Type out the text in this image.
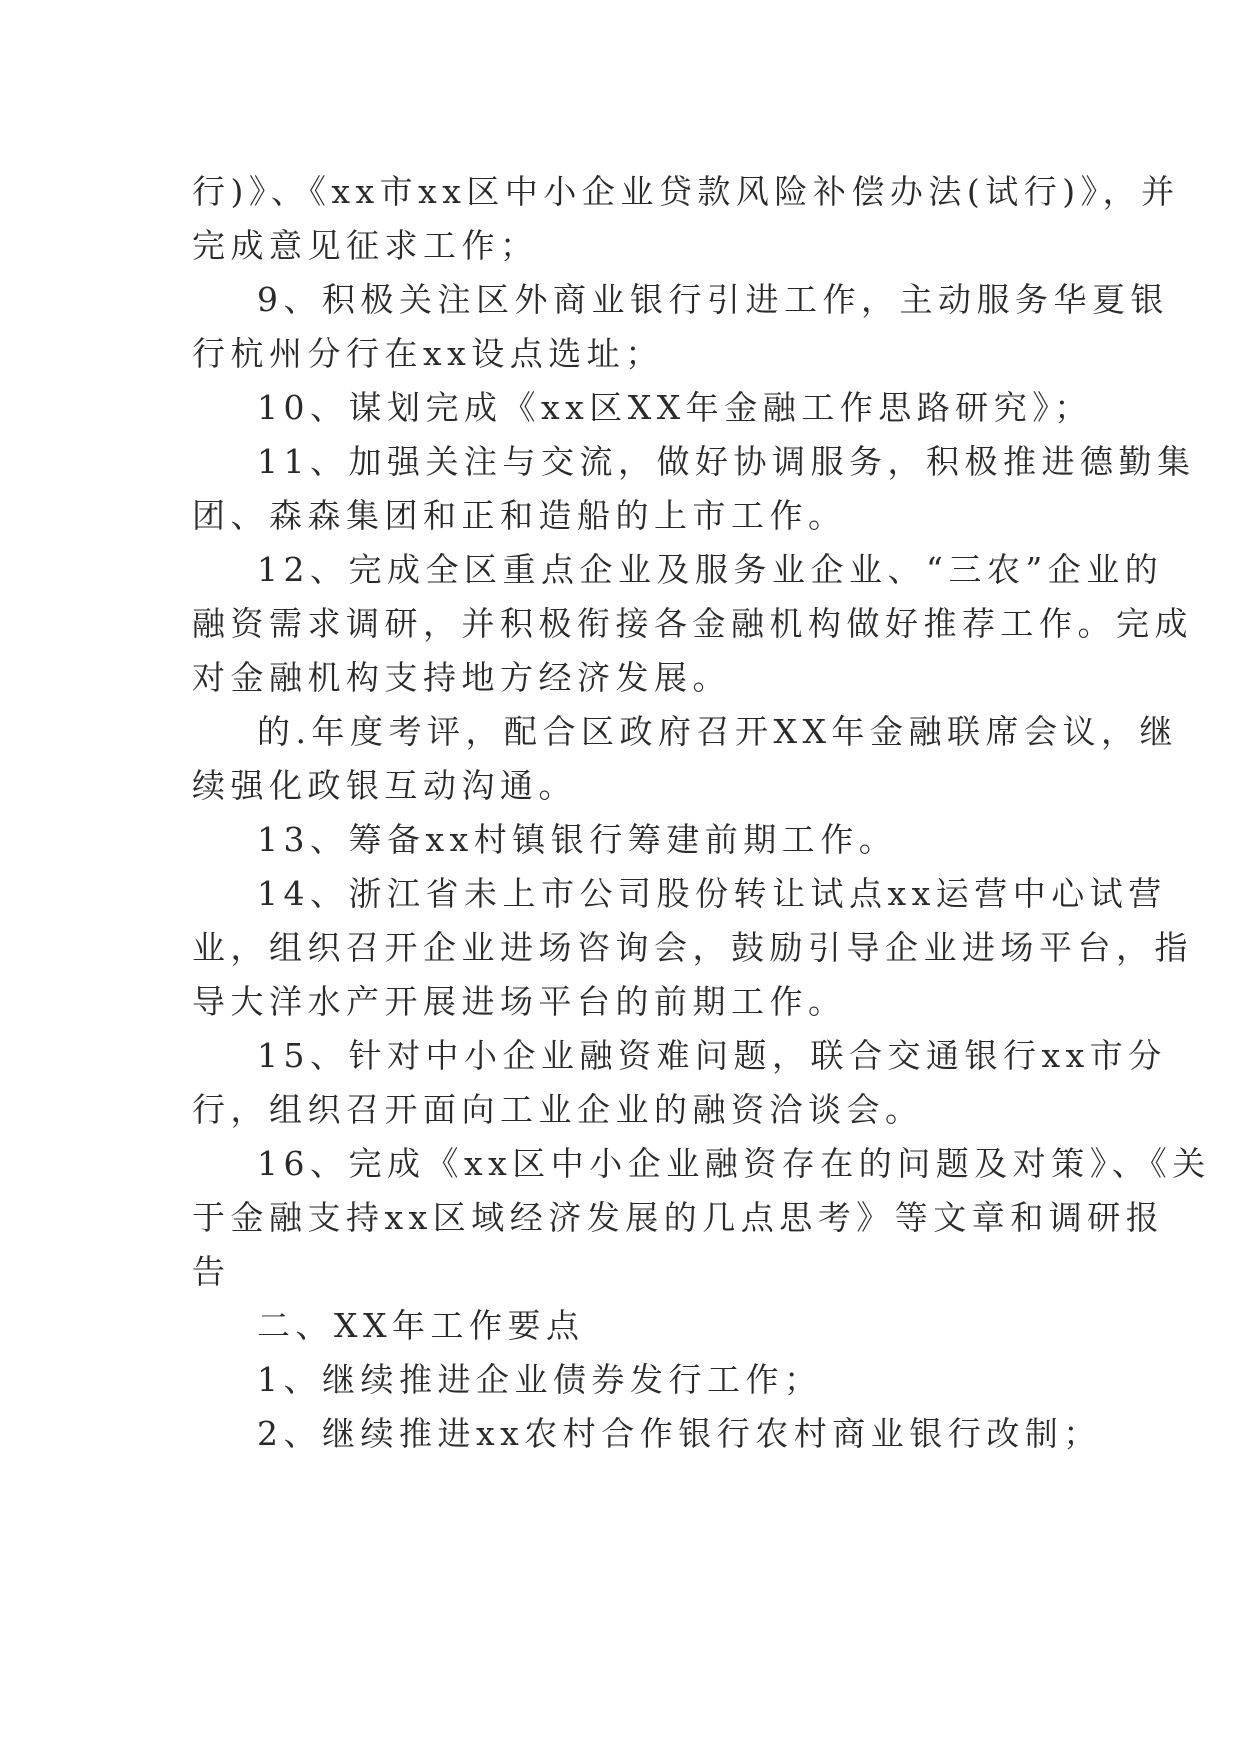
行)》、《xx市xx区中小企业贷款风险补偿办法(试行)》，并
完成意见征求工作；
9、积极关注区外商业银行引进工作，主动服务华夏银
行杭州分行在xx设点选址；
10、谋划完成《xx区XX年金融工作思路研究》；
11、加强关注与交流，做好协调服务，积极推进德勤集
团、森森集团和正和造船的上市工作。
12、完成全区重点企业及服务业企业、“三农”企业的
融资需求调研，并积极衔接各金融机构做好推荐工作。完成
对金融机构支持地方经济发展。
的.年度考评，配合区政府召开XX年金融联席会议，继
续强化政银互动沟通。
13、筹备xx村镇银行筹建前期工作。
14、浙江省未上市公司股份转让试点xx运营中心试营
业，组织召开企业进场咨询会，鼓励引导企业进场平台，指
导大洋水产开展进场平台的前期工作。
15、针对中小企业融资难问题，联合交通银行xx市分
行，组织召开面向工业企业的融资洽谈会。
16、完成《xx区中小企业融资存在的问题及对策》、《关
于金融支持xx区域经济发展的几点思考》等文章和调研报
告
二、XX年工作要点
1、继续推进企业债券发行工作；
2、继续推进xx农村合作银行农村商业银行改制；
